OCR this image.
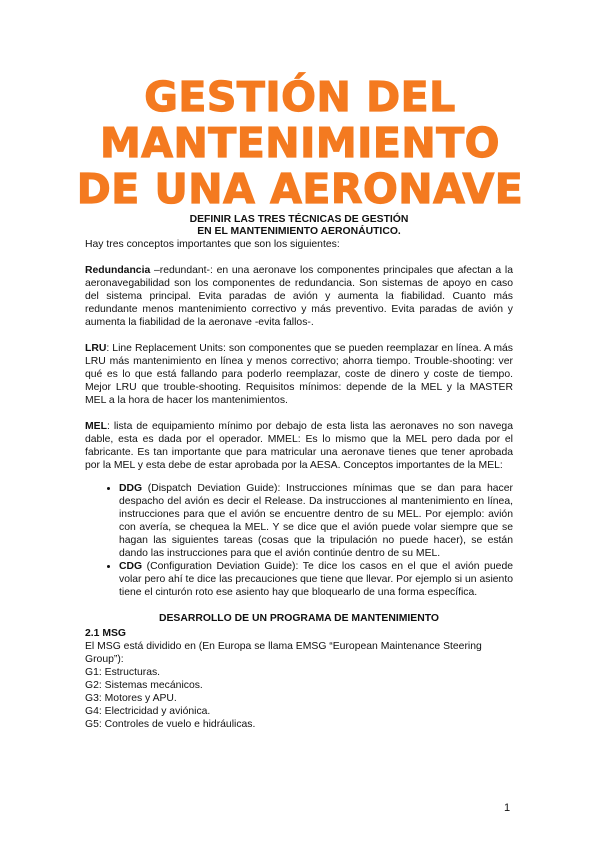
GESTIÓN DEL
MANTENIMIENTO
DE UNA AERONAVE
DEFINIR LAS TRES TÉCNICAS DE GESTIÓN
EN EL MANTENIMIENTO AERONÁUTICO.

Hay tres conceptos importantes que son los siguientes:

Redundancia –redundant-: en una aeronave los componentes principales que afectan a la aeronavegabilidad son los componentes de redundancia. Son sistemas de apoyo en caso del sistema principal. Evita paradas de avión y aumenta la fiabilidad. Cuanto más redundante menos mantenimiento correctivo y más preventivo. Evita paradas de avión y aumenta la fiabilidad de la aeronave -evita fallos-.

LRU: Line Replacement Units: son componentes que se pueden reemplazar en línea. A más LRU más mantenimiento en línea y menos correctivo; ahorra tiempo. Trouble-shooting: ver qué es lo que está fallando para poderlo reemplazar, coste de dinero y coste de tiempo. Mejor LRU que trouble-shooting. Requisitos mínimos: depende de la MEL y la MASTER MEL a la hora de hacer los mantenimientos.

MEL: lista de equipamiento mínimo por debajo de esta lista las aeronaves no son navega dable, esta es dada por el operador. MMEL: Es lo mismo que la MEL pero dada por el fabricante. Es tan importante que para matricular una aeronave tienes que tener aprobada por la MEL y esta debe de estar aprobada por la AESA. Conceptos importantes de la MEL:

• DDG (Dispatch Deviation Guide): Instrucciones mínimas que se dan para hacer despacho del avión es decir el Release. Da instrucciones al mantenimiento en línea, instrucciones para que el avión se encuentre dentro de su MEL. Por ejemplo: avión con avería, se chequea la MEL. Y se dice que el avión puede volar siempre que se hagan las siguientes tareas (cosas que la tripulación no puede hacer), se están dando las instrucciones para que el avión continúe dentro de su MEL.
• CDG (Configuration Deviation Guide): Te dice los casos en el que el avión puede volar pero ahí te dice las precauciones que tiene que llevar. Por ejemplo si un asiento tiene el cinturón roto ese asiento hay que bloquearlo de una forma específica.
DESARROLLO DE UN PROGRAMA DE MANTENIMIENTO
2.1 MSG
El MSG está dividido en (En Europa se llama EMSG “European Maintenance Steering Group”):
G1: Estructuras.
G2: Sistemas mecánicos.
G3: Motores y APU.
G4: Electricidad y aviónica.
G5: Controles de vuelo e hidráulicas.
1
